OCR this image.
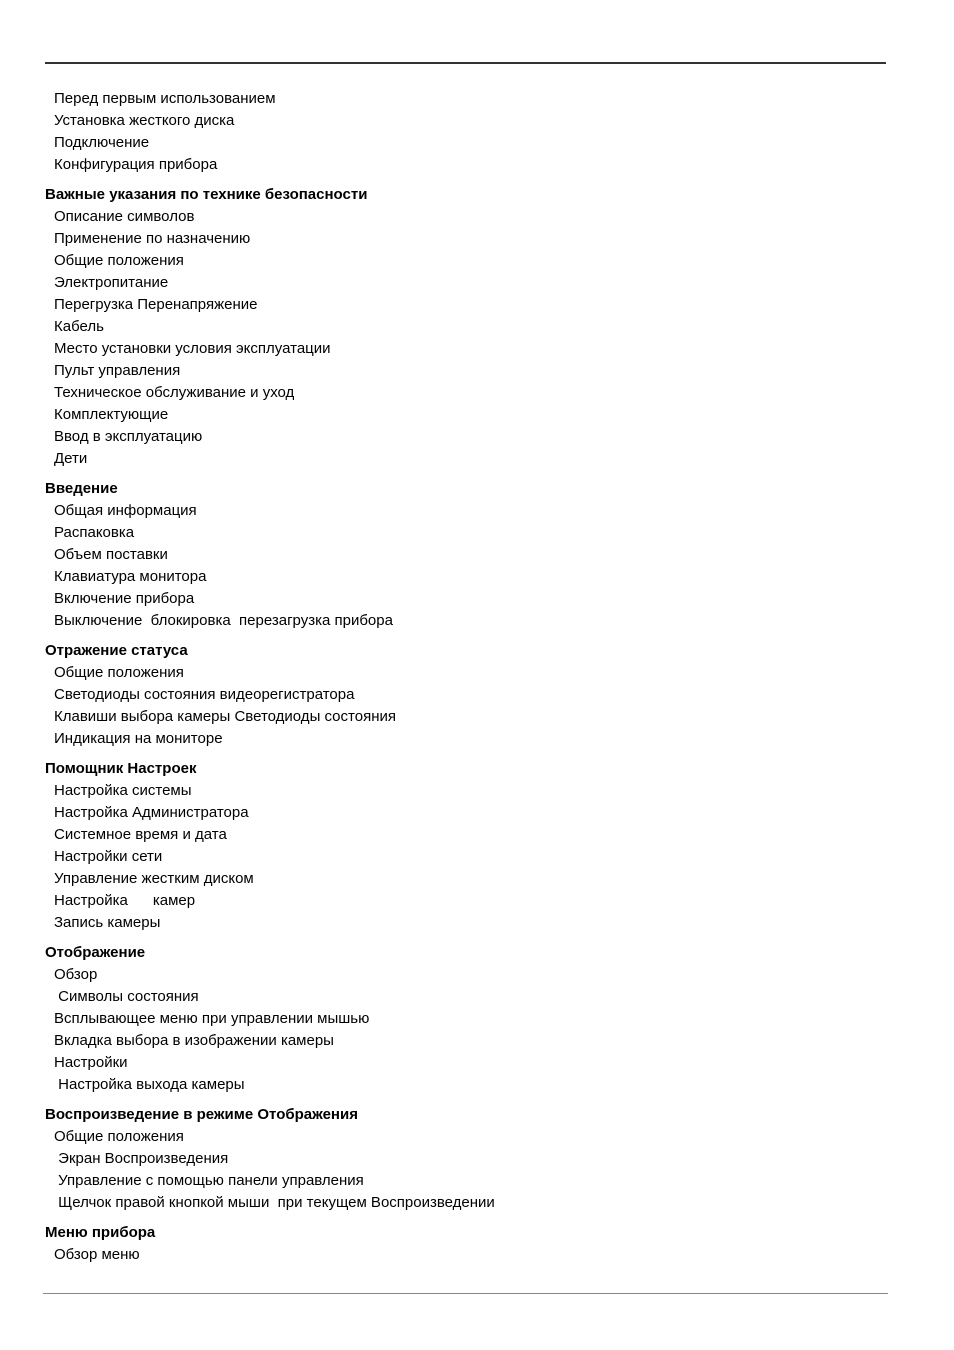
Перед первым использованием
Установка жесткого диска
Подключение
Конфигурация прибора
Важные указания по технике безопасности
Описание символов
Применение по назначению
Общие положения
Электропитание
Перегрузка Перенапряжение
Кабель
Место установки условия эксплуатации
Пульт управления
Техническое обслуживание и уход
Комплектующие
Ввод в эксплуатацию
Дети
Введение
Общая информация
Распаковка
Объем поставки
Клавиатура монитора
Включение прибора
Выключение  блокировка  перезагрузка прибора
Отражение статуса
Общие положения
Светодиоды состояния видеорегистратора
Клавиши выбора камеры Светодиоды состояния
Индикация на мониторе
Помощник Настроек
Настройка системы
Настройка Администратора
Системное время и дата
Настройки сети
Управление жестким диском
Настройка      камер
Запись камеры
Отображение
Обзор
Символы состояния
Всплывающее меню при управлении мышью
Вкладка выбора в изображении камеры
Настройки
Настройка выхода камеры
Воспроизведение в режиме Отображения
Общие положения
Экран Воспроизведения
Управление с помощью панели управления
Щелчок правой кнопкой мыши  при текущем Воспроизведении
Меню прибора
Обзор меню
